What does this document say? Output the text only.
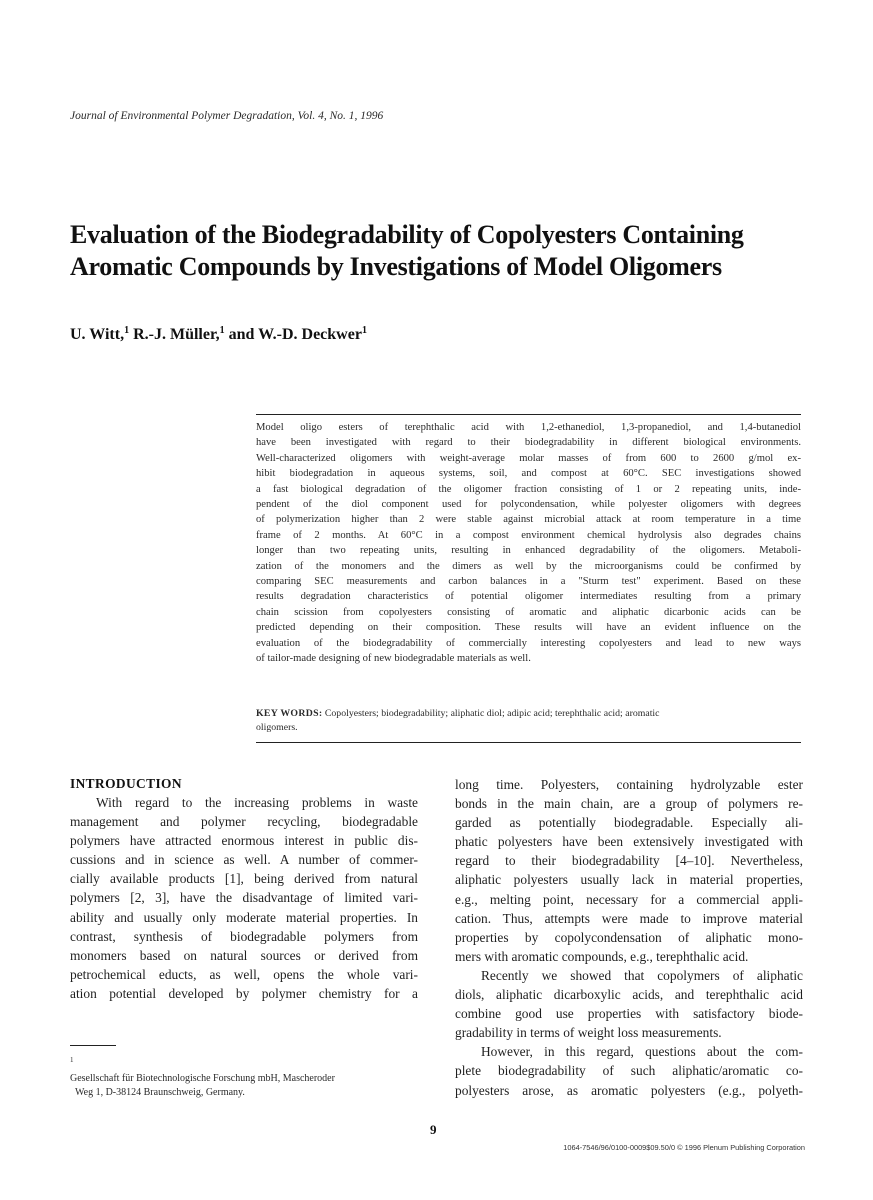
Journal of Environmental Polymer Degradation, Vol. 4, No. 1, 1996
Evaluation of the Biodegradability of Copolyesters Containing
Aromatic Compounds by Investigations of Model Oligomers
U. Witt,$^1$ R.-J. Müller,$^1$ and W.-D. Deckwer$^1$
Model oligo esters of terephthalic acid with 1,2-ethanediol, 1,3-propanediol, and 1,4-butanediol
have been investigated with regard to their biodegradability in different biological environments.
Well-characterized oligomers with weight-average molar masses of from 600 to 2600 g/mol ex-
hibit biodegradation in aqueous systems, soil, and compost at 60°C. SEC investigations showed
a fast biological degradation of the oligomer fraction consisting of 1 or 2 repeating units, inde-
pendent of the diol component used for polycondensation, while polyester oligomers with degrees
of polymerization higher than 2 were stable against microbial attack at room temperature in a time
frame of 2 months. At 60°C in a compost environment chemical hydrolysis also degrades chains
longer than two repeating units, resulting in enhanced degradability of the oligomers. Metaboli-
zation of the monomers and the dimers as well by the microorganisms could be confirmed by
comparing SEC measurements and carbon balances in a "Sturm test" experiment. Based on these
results degradation characteristics of potential oligomer intermediates resulting from a primary
chain scission from copolyesters consisting of aromatic and aliphatic dicarbonic acids can be
predicted depending on their composition. These results will have an evident influence on the
evaluation of the biodegradability of commercially interesting copolyesters and lead to new ways
of tailor-made designing of new biodegradable materials as well.
KEY WORDS: Copolyesters; biodegradability; aliphatic diol; adipic acid; terephthalic acid; aromatic
oligomers.
INTRODUCTION
With regard to the increasing problems in waste
management and polymer recycling, biodegradable
polymers have attracted enormous interest in public dis-
cussions and in science as well. A number of commer-
cially available products [1], being derived from natural
polymers [2, 3], have the disadvantage of limited vari-
ability and usually only moderate material properties. In
contrast, synthesis of biodegradable polymers from
monomers based on natural sources or derived from
petrochemical educts, as well, opens the whole vari-
ation potential developed by polymer chemistry for a
long time. Polyesters, containing hydrolyzable ester
bonds in the main chain, are a group of polymers re-
garded as potentially biodegradable. Especially ali-
phatic polyesters have been extensively investigated with
regard to their biodegradability [4–10]. Nevertheless,
aliphatic polyesters usually lack in material properties,
e.g., melting point, necessary for a commercial appli-
cation. Thus, attempts were made to improve material
properties by copolycondensation of aliphatic mono-
mers with aromatic compounds, e.g., terephthalic acid.
Recently we showed that copolymers of aliphatic
diols, aliphatic dicarboxylic acids, and terephthalic acid
combine good use properties with satisfactory biode-
gradability in terms of weight loss measurements.
However, in this regard, questions about the com-
plete biodegradability of such aliphatic/aromatic co-
polyesters arose, as aromatic polyesters (e.g., polyeth-
$^1$
Gesellschaft für Biotechnologische Forschung mbH, Mascheroder
Weg 1, D-38124 Braunschweig, Germany.
9
1064-7546/96/0100-0009$09.50/0 © 1996 Plenum Publishing Corporation
